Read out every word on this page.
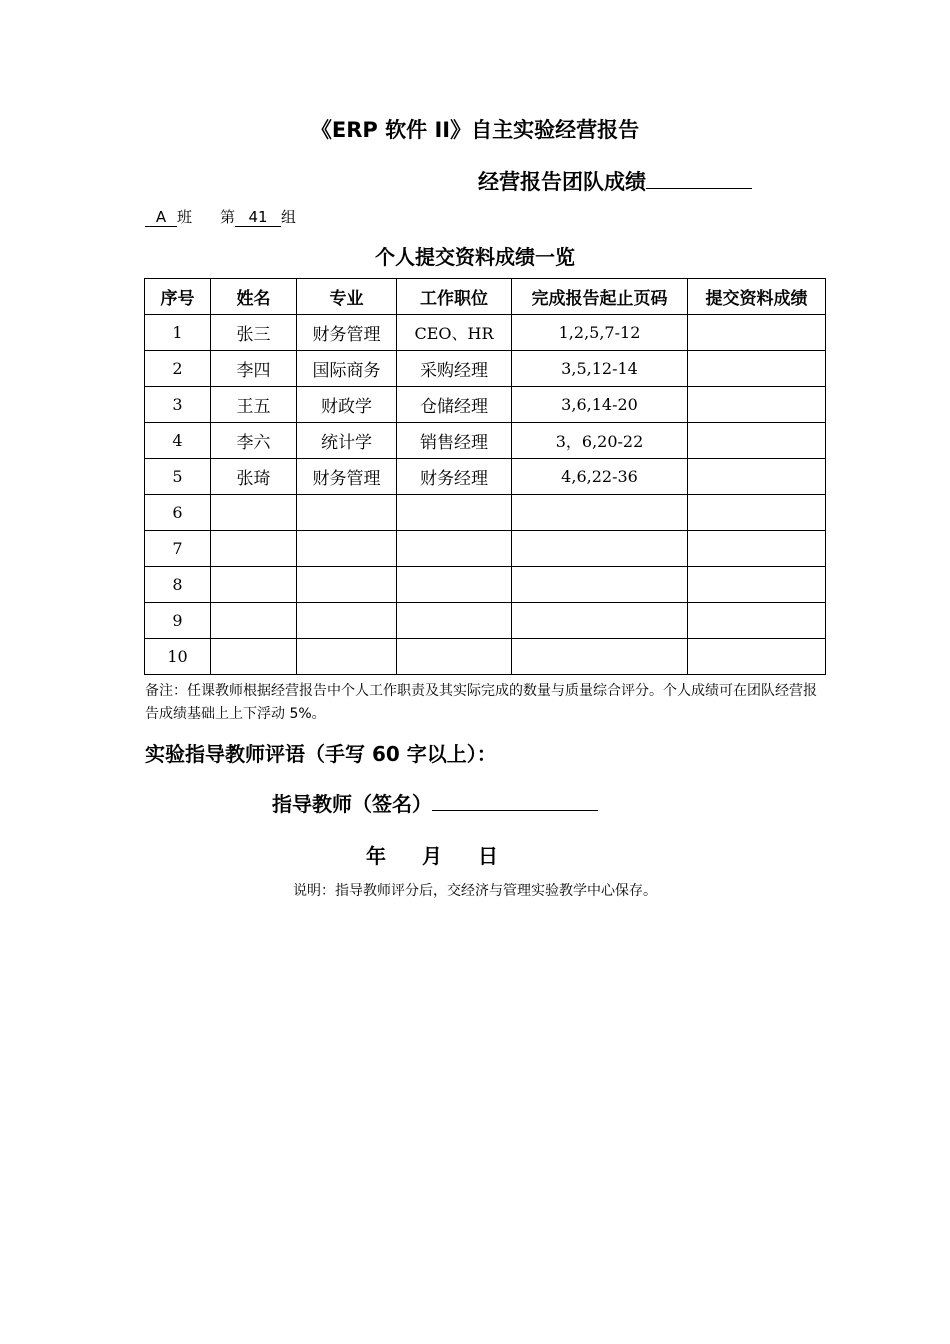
《ERP 软件 II》自主实验经营报告
经营报告团队成绩
A 班 第 41 组
个人提交资料成绩一览
序号	姓名	专业	工作职位	完成报告起止页码	提交资料成绩
1	张三	财务管理	CEO、HR	1,2,5,7-12	
2	李四	国际商务	采购经理	3,5,12-14	
3	王五	财政学	仓储经理	3,6,14-20	
4	李六	统计学	销售经理	3，6,20-22	
5	张琦	财务管理	财务经理	4,6,22-36	
6					
7					
8					
9					
10					
备注：任课教师根据经营报告中个人工作职责及其实际完成的数量与质量综合评分。个人成绩可在团队经营报告成绩基础上上下浮动 5%。
实验指导教师评语（手写 60 字以上）：
指导教师（签名）
年 月 日
说明：指导教师评分后，交经济与管理实验教学中心保存。
